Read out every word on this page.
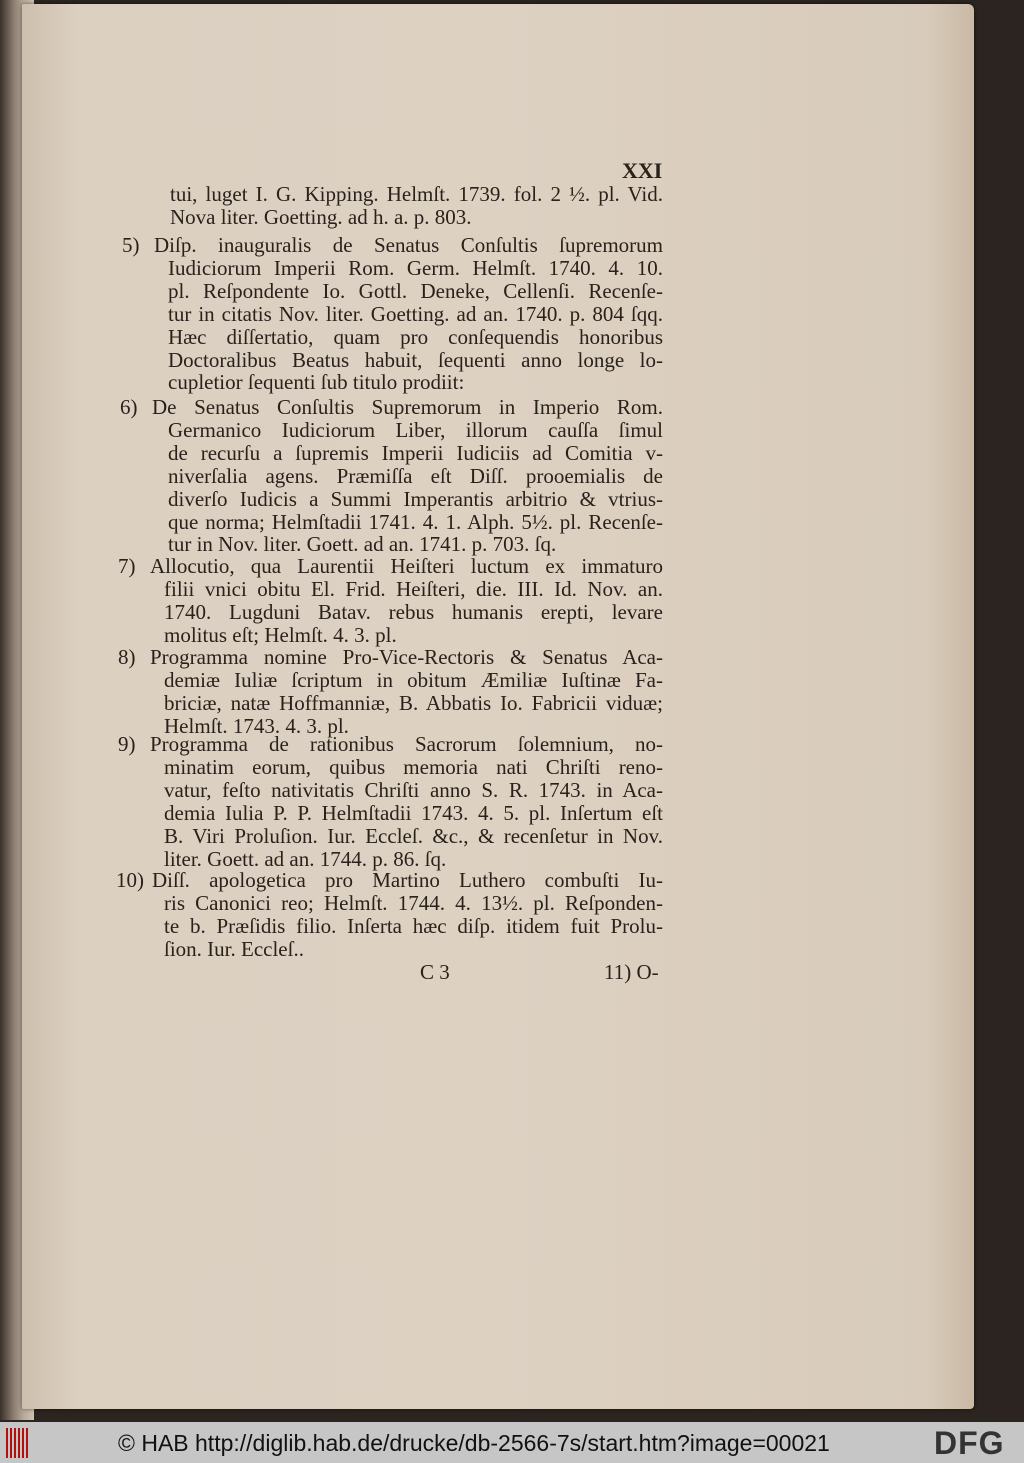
XXI
tui, luget I. G. Kipping. Helmſt. 1739. fol. 2 ½. pl. Vid.
Nova liter. Goetting. ad h. a. p. 803.
5) Diſp. inauguralis de Senatus Conſultis ſupremorum
Iudiciorum Imperii Rom. Germ. Helmſt. 1740. 4. 10.
pl. Reſpondente Io. Gottl. Deneke, Cellenſi. Recenſe-
tur in citatis Nov. liter. Goetting. ad an. 1740. p. 804 ſqq.
Hæc diſſertatio, quam pro conſequendis honoribus
Doctoralibus Beatus habuit, ſequenti anno longe lo-
cupletior ſequenti ſub titulo prodiit:
6) De Senatus Conſultis Supremorum in Imperio Rom.
Germanico Iudiciorum Liber, illorum cauſſa ſimul
de recurſu a ſupremis Imperii Iudiciis ad Comitia v-
niverſalia agens. Præmiſſa eſt Diſſ. prooemialis de
diverſo Iudicis a Summi Imperantis arbitrio & vtrius-
que norma; Helmſtadii 1741. 4. 1. Alph. 5½. pl. Recenſe-
tur in Nov. liter. Goett. ad an. 1741. p. 703. ſq.
7) Allocutio, qua Laurentii Heiſteri luctum ex immaturo
filii vnici obitu El. Frid. Heiſteri, die. III. Id. Nov. an.
1740. Lugduni Batav. rebus humanis erepti, levare
molitus eſt; Helmſt. 4. 3. pl.
8) Programma nomine Pro-Vice-Rectoris & Senatus Aca-
demiæ Iuliæ ſcriptum in obitum Æmiliæ Iuſtinæ Fa-
briciæ, natæ Hoffmanniæ, B. Abbatis Io. Fabricii viduæ;
Helmſt. 1743. 4. 3. pl.
9) Programma de rationibus Sacrorum ſolemnium, no-
minatim eorum, quibus memoria nati Chriſti reno-
vatur, feſto nativitatis Chriſti anno S. R. 1743. in Aca-
demia Iulia P. P. Helmſtadii 1743. 4. 5. pl. Inſertum eſt
B. Viri Proluſion. Iur. Eccleſ. &c., & recenſetur in Nov.
liter. Goett. ad an. 1744. p. 86. ſq.
10) Diſſ. apologetica pro Martino Luthero combuſti Iu-
ris Canonici reo; Helmſt. 1744. 4. 13½. pl. Reſponden-
te b. Præſidis filio. Inſerta hæc diſp. itidem fuit Prolu-
ſion. Iur. Eccleſ..
C 3	11) O-
© HAB http://diglib.hab.de/drucke/db-2566-7s/start.htm?image=00021	DFG
